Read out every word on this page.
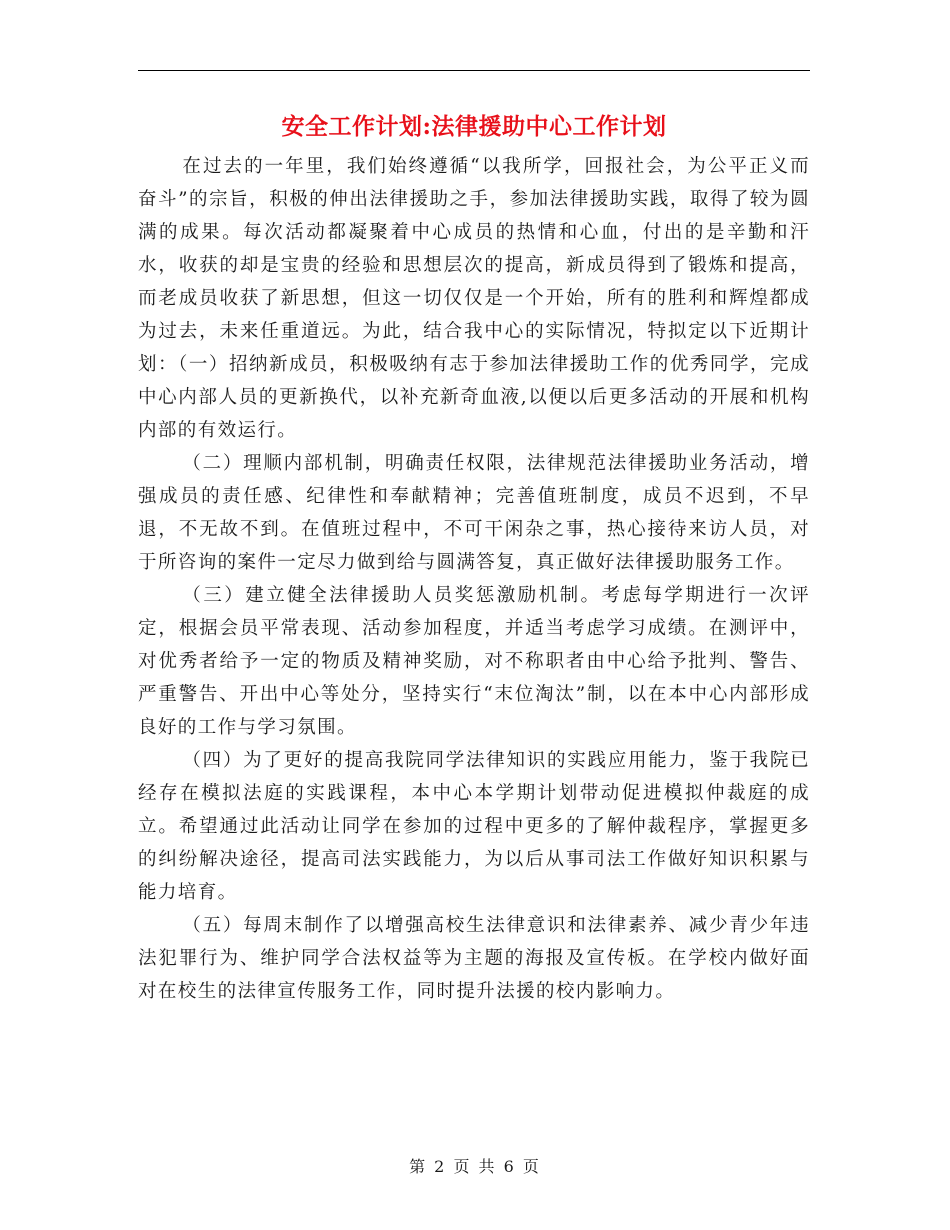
安全工作计划:法律援助中心工作计划

在过去的一年里，我们始终遵循“以我所学，回报社会，为公平正义而奋斗”的宗旨，积极的伸出法律援助之手，参加法律援助实践，取得了较为圆满的成果。每次活动都凝聚着中心成员的热情和心血，付出的是辛勤和汗水，收获的却是宝贵的经验和思想层次的提高，新成员得到了锻炼和提高，而老成员收获了新思想，但这一切仅仅是一个开始，所有的胜利和辉煌都成为过去，未来任重道远。为此，结合我中心的实际情况，特拟定以下近期计划：（一）招纳新成员，积极吸纳有志于参加法律援助工作的优秀同学，完成中心内部人员的更新换代，以补充新奇血液,以便以后更多活动的开展和机构内部的有效运行。

（二）理顺内部机制，明确责任权限，法律规范法律援助业务活动，增强成员的责任感、纪律性和奉献精神；完善值班制度，成员不迟到，不早退，不无故不到。在值班过程中，不可干闲杂之事，热心接待来访人员，对于所咨询的案件一定尽力做到给与圆满答复，真正做好法律援助服务工作。

（三）建立健全法律援助人员奖惩激励机制。考虑每学期进行一次评定，根据会员平常表现、活动参加程度，并适当考虑学习成绩。在测评中，对优秀者给予一定的物质及精神奖励，对不称职者由中心给予批判、警告、严重警告、开出中心等处分，坚持实行“末位淘汰”制，以在本中心内部形成良好的工作与学习氛围。

（四）为了更好的提高我院同学法律知识的实践应用能力，鉴于我院已经存在模拟法庭的实践课程，本中心本学期计划带动促进模拟仲裁庭的成立。希望通过此活动让同学在参加的过程中更多的了解仲裁程序，掌握更多的纠纷解决途径，提高司法实践能力，为以后从事司法工作做好知识积累与能力培育。

（五）每周末制作了以增强高校生法律意识和法律素养、减少青少年违法犯罪行为、维护同学合法权益等为主题的海报及宣传板。在学校内做好面对在校生的法律宣传服务工作，同时提升法援的校内影响力。

第 2 页 共 6 页
